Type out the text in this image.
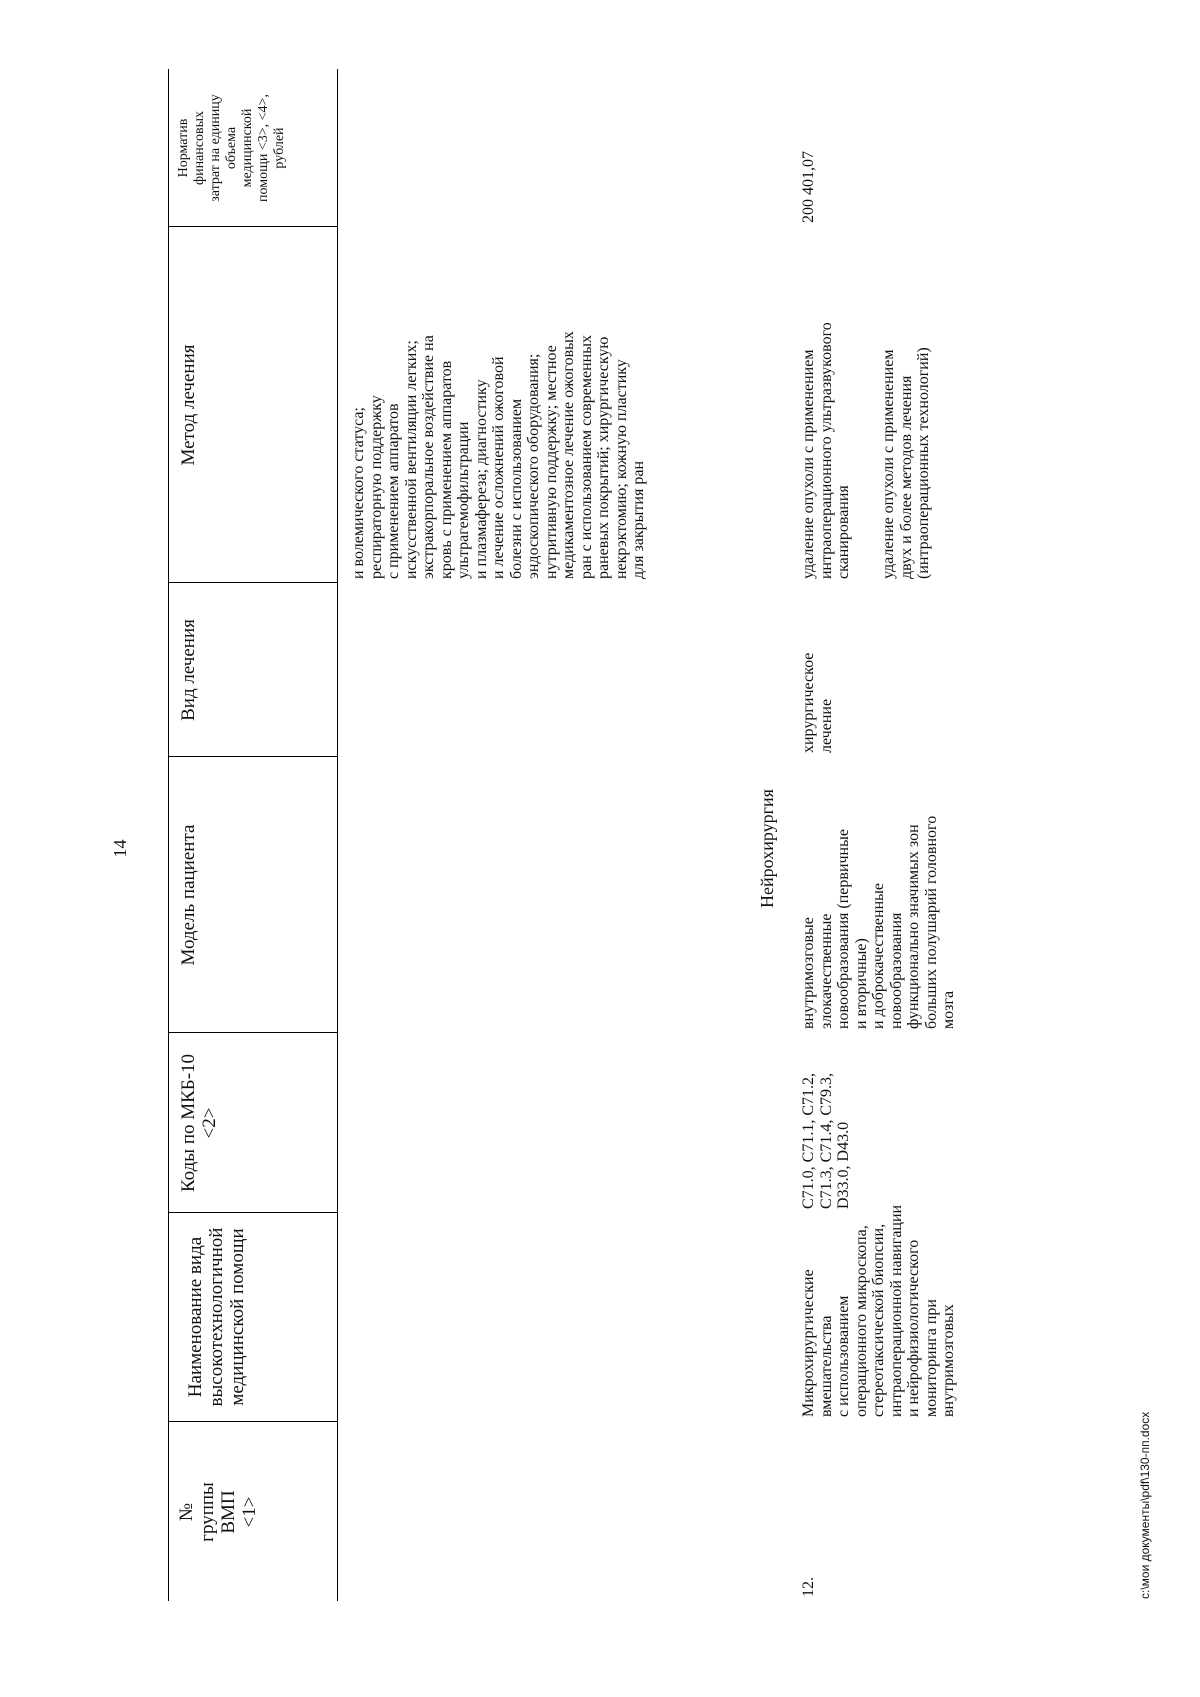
14
№
группы
ВМП
<1>
Наименование вида
высокотехнологичной
медицинской помощи
Коды по МКБ-10
<2>
Модель пациента
Вид лечения
Метод лечения
Норматив
финансовых
затрат на единицу
объема
медицинской
помощи <3>, <4>,
рублей
и волемического статуса;
респираторную поддержку
с применением аппаратов
искусственной вентиляции легких;
экстракорпоральное воздействие на
кровь с применением аппаратов
ультрагемофильтрации
и плазмафереза; диагностику
и лечение осложнений ожоговой
болезни с использованием
эндоскопического оборудования;
нутритивную поддержку; местное
медикаментозное лечение ожоговых
ран с использованием современных
раневых покрытий; хирургическую
некрэктомию; кожную пластику
для закрытия ран
Нейрохирургия
12.
Микрохирургические
вмешательства
с использованием
операционного микроскопа,
стереотаксической биопсии,
интраоперационной навигации
и нейрофизиологического
мониторинга при
внутримозговых
C71.0, C71.1, C71.2,
C71.3, C71.4, C79.3,
D33.0, D43.0
внутримозговые
злокачественные
новообразования (первичные
и вторичные)
и доброкачественные
новообразования
функционально значимых зон
больших полушарий головного
мозга
хирургическое
лечение
удаление опухоли с применением
интраоперационного ультразвукового
сканирования удаление опухоли с применением
двух и более методов лечения
(интраоперационных технологий)
200 401,07
c:\мои документы\pdf\130-пп.docx
